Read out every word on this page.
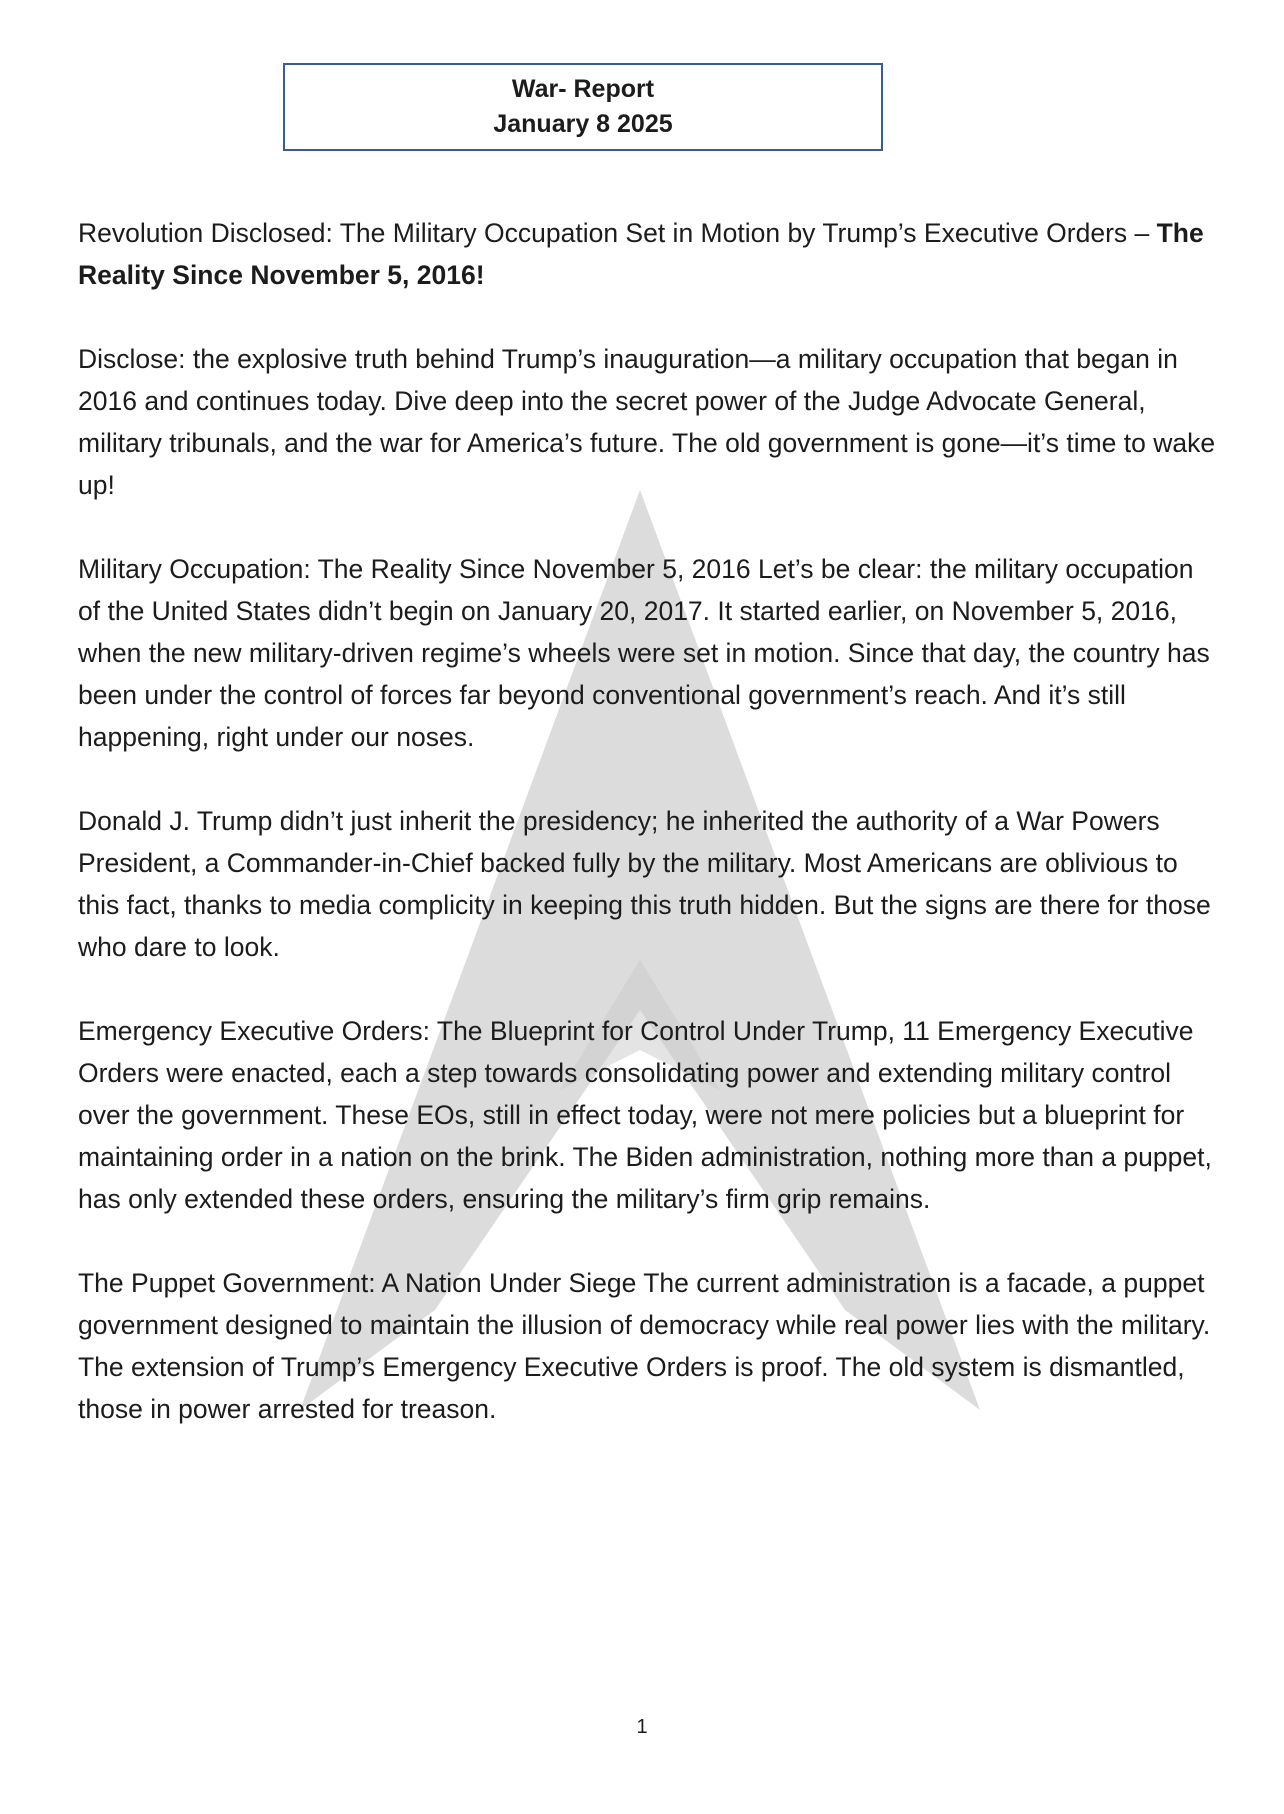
War- Report
January 8 2025

Revolution Disclosed: The Military Occupation Set in Motion by Trump’s Executive Orders – The Reality Since November 5, 2016!

Disclose: the explosive truth behind Trump’s inauguration—a military occupation that began in 2016 and continues today. Dive deep into the secret power of the Judge Advocate General, military tribunals, and the war for America’s future. The old government is gone—it’s time to wake up!

Military Occupation: The Reality Since November 5, 2016 Let’s be clear: the military occupation of the United States didn’t begin on January 20, 2017. It started earlier, on November 5, 2016, when the new military-driven regime’s wheels were set in motion. Since that day, the country has been under the control of forces far beyond conventional government’s reach. And it’s still happening, right under our noses.

Donald J. Trump didn’t just inherit the presidency; he inherited the authority of a War Powers President, a Commander-in-Chief backed fully by the military. Most Americans are oblivious to this fact, thanks to media complicity in keeping this truth hidden. But the signs are there for those who dare to look.

Emergency Executive Orders: The Blueprint for Control Under Trump, 11 Emergency Executive Orders were enacted, each a step towards consolidating power and extending military control over the government. These EOs, still in effect today, were not mere policies but a blueprint for maintaining order in a nation on the brink. The Biden administration, nothing more than a puppet, has only extended these orders, ensuring the military’s firm grip remains.

The Puppet Government: A Nation Under Siege The current administration is a facade, a puppet government designed to maintain the illusion of democracy while real power lies with the military. The extension of Trump’s Emergency Executive Orders is proof. The old system is dismantled, those in power arrested for treason.

1
